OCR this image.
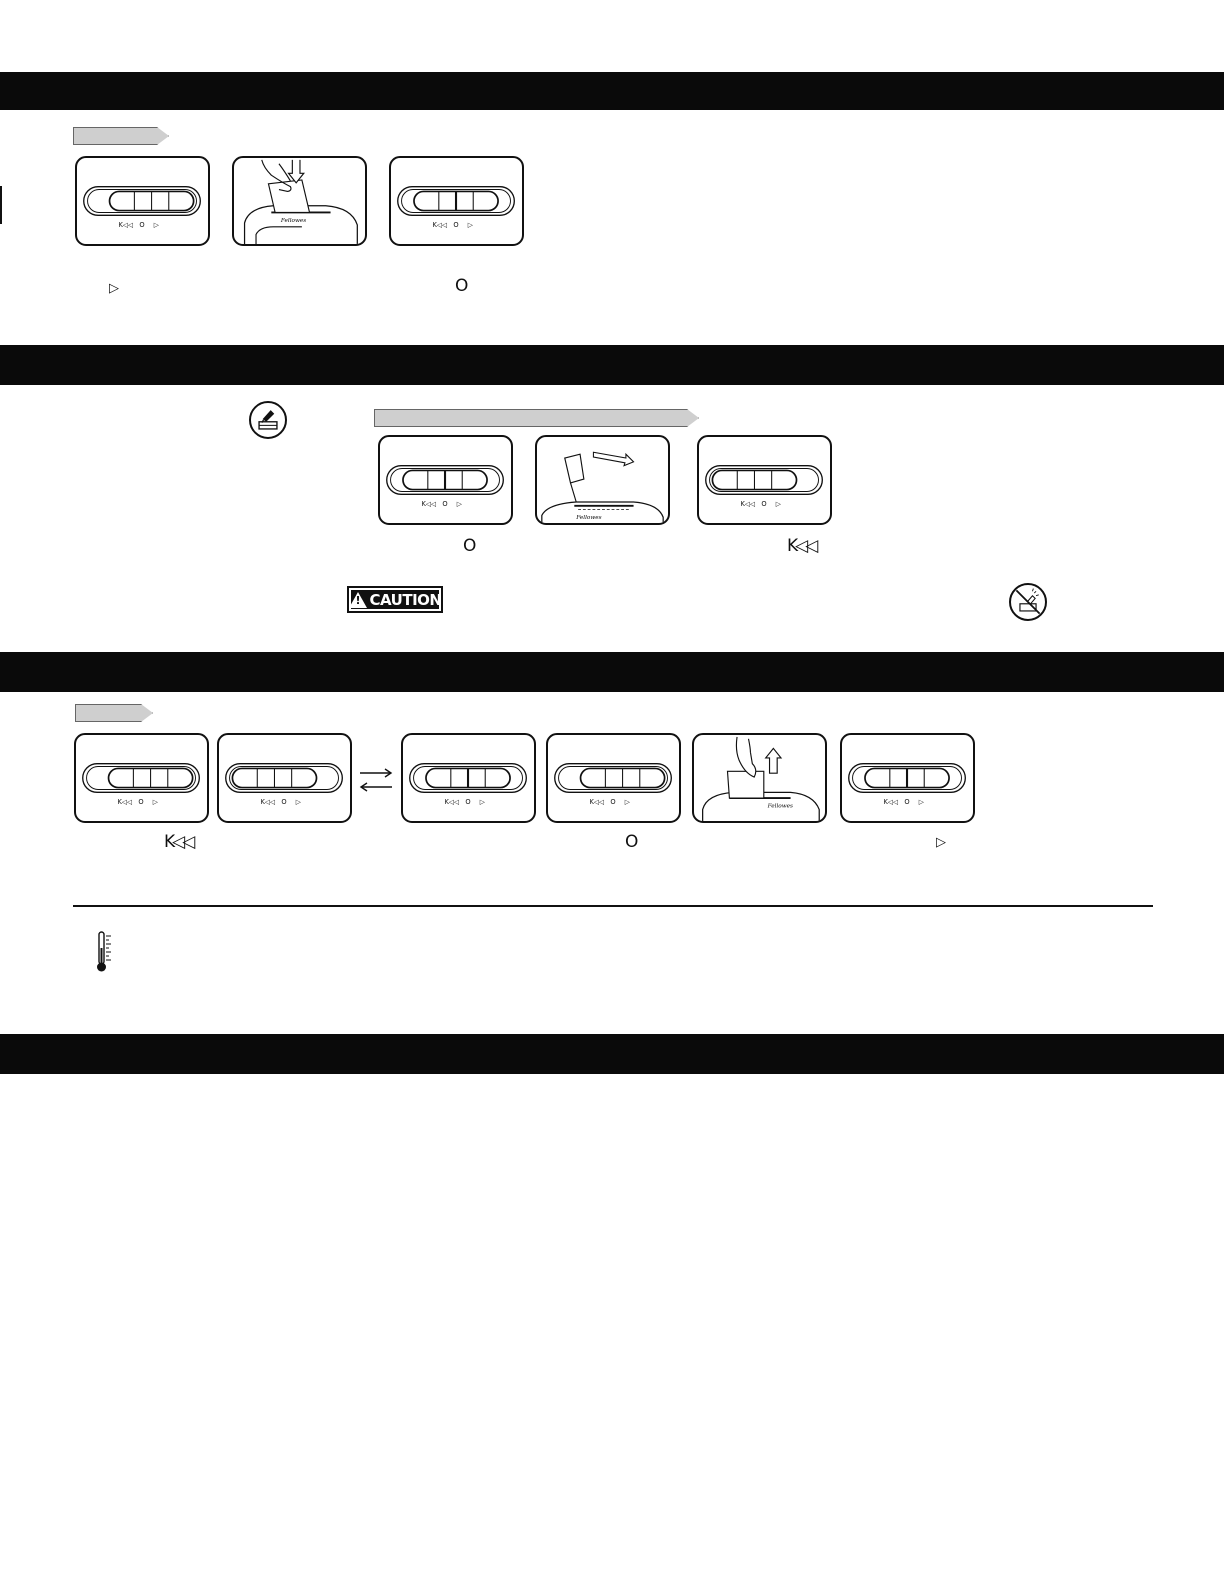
K◁◁ O ▷	Fellowes	K◁◁ O ▷
▷	O
K◁◁ O ▷
Fellowes
K◁◁ O ▷
O	K◁◁
! CAUTION
K◁◁ O ▷	K◁◁ O ▷	K◁◁ O ▷	K◁◁ O ▷
Fellowes
K◁◁ O ▷
K◁◁	O	▷
